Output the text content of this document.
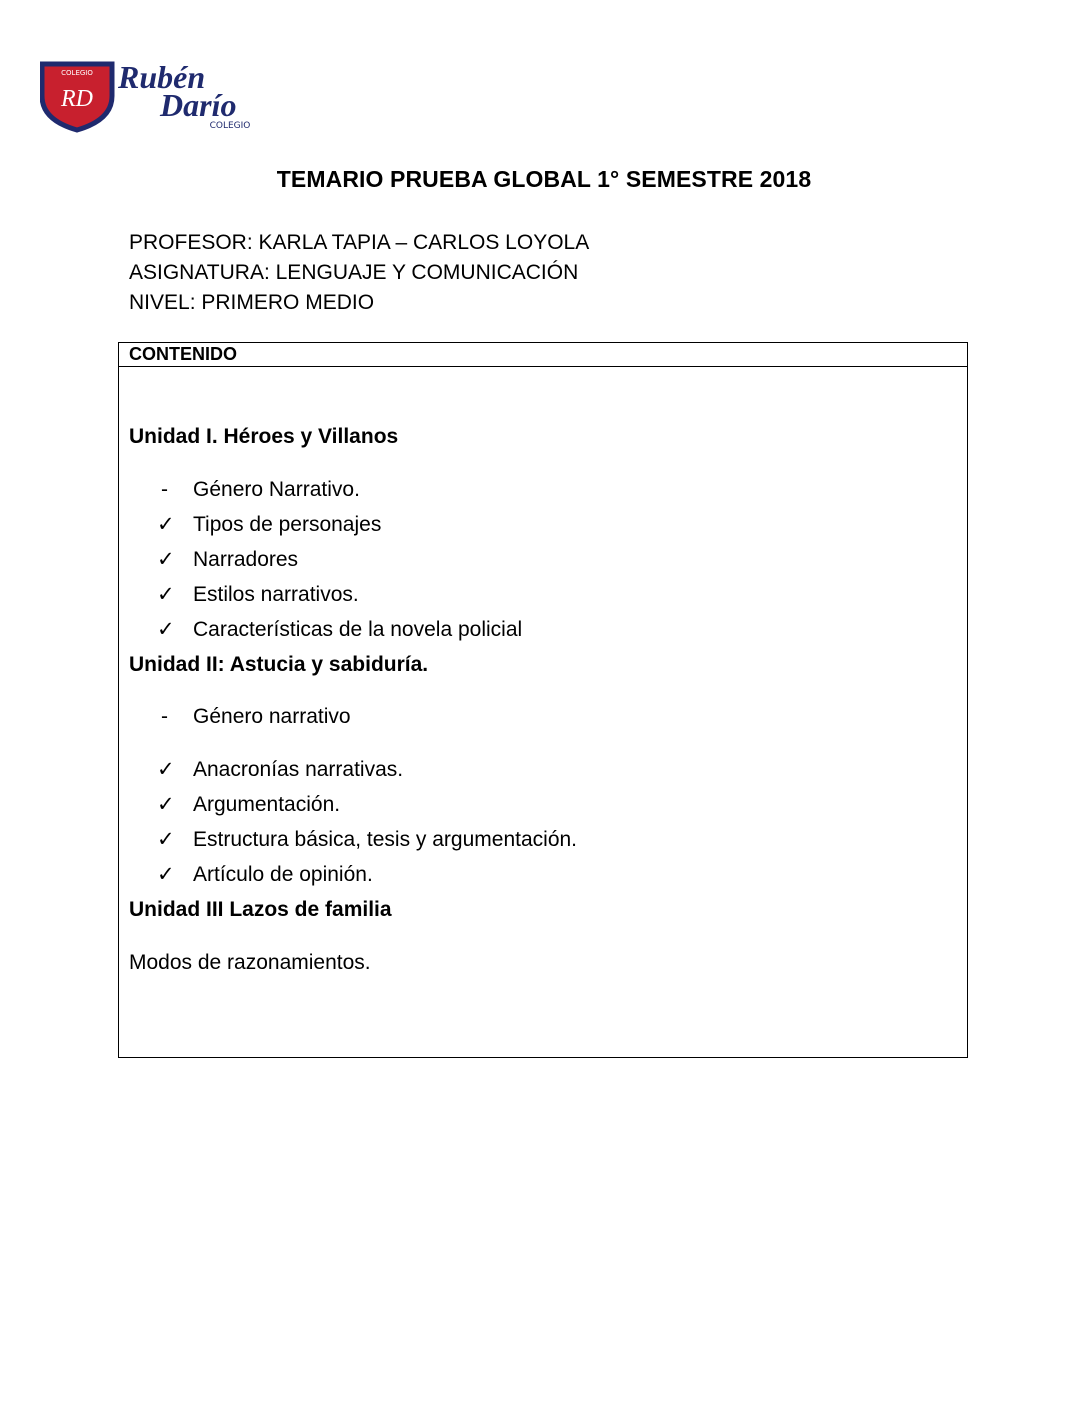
COLEGIO
RD
Rubén
Darío
COLEGIO
TEMARIO PRUEBA GLOBAL 1° SEMESTRE 2018
PROFESOR: KARLA TAPIA – CARLOS LOYOLA
ASIGNATURA: LENGUAJE Y COMUNICACIÓN
NIVEL: PRIMERO MEDIO
CONTENIDO
Unidad I. Héroes y Villanos
- Género Narrativo.
✓ Tipos de personajes
✓ Narradores
✓ Estilos narrativos.
✓ Características de la novela policial
Unidad II: Astucia y sabiduría.
- Género narrativo
✓ Anacronías narrativas.
✓ Argumentación.
✓ Estructura básica, tesis y argumentación.
✓ Artículo de opinión.
Unidad III Lazos de familia
Modos de razonamientos.
